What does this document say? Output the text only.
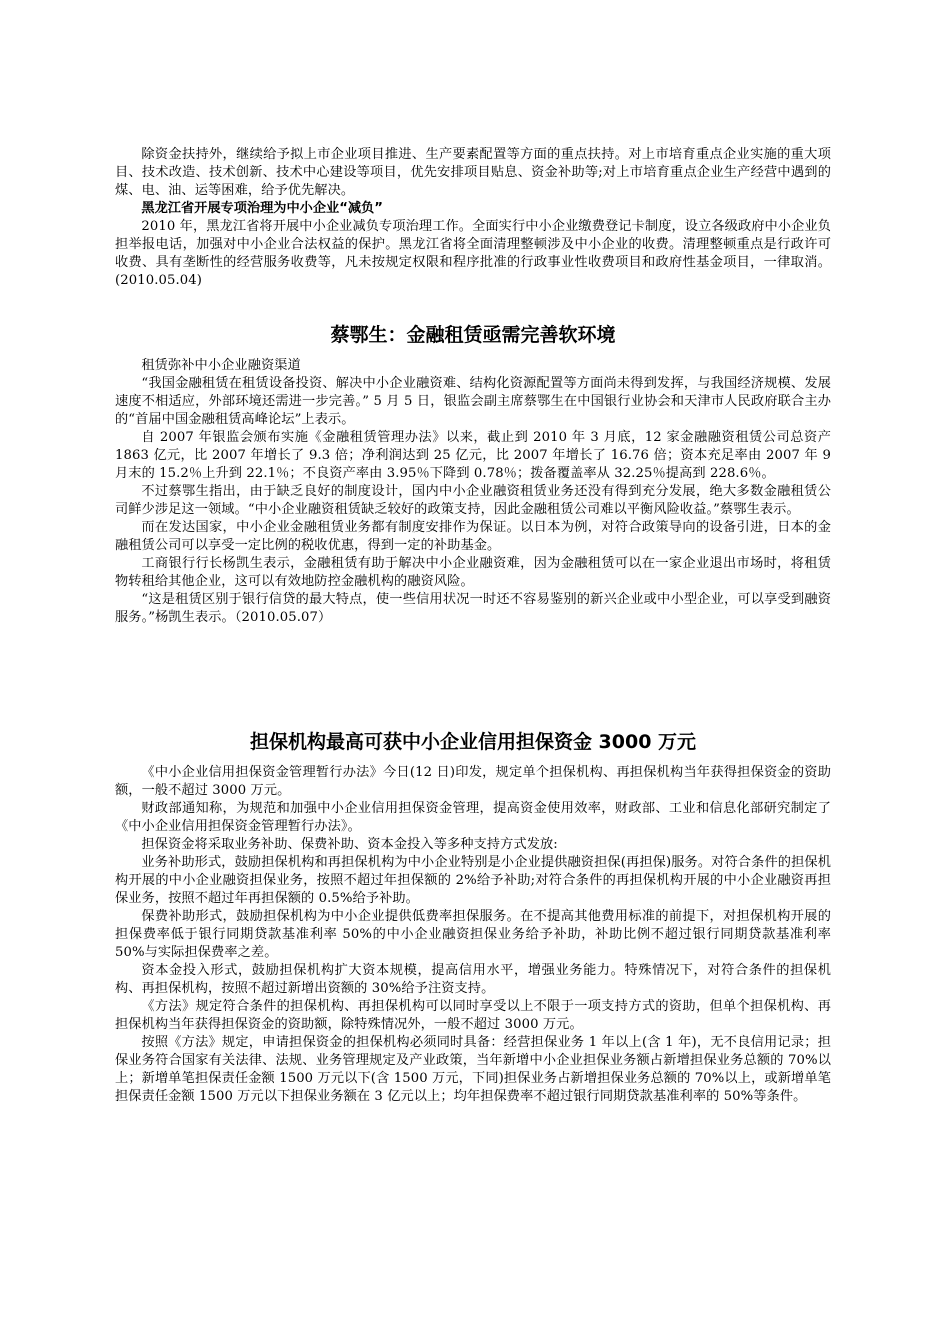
除资金扶持外，继续给予拟上市企业项目推进、生产要素配置等方面的重点扶持。对上市培育重点企业实施的重大项目、技术改造、技术创新、技术中心建设等项目，优先安排项目贴息、资金补助等;对上市培育重点企业生产经营中遇到的煤、电、油、运等困难，给予优先解决。

黑龙江省开展专项治理为中小企业“减负”

2010 年，黑龙江省将开展中小企业减负专项治理工作。全面实行中小企业缴费登记卡制度，设立各级政府中小企业负担举报电话，加强对中小企业合法权益的保护。黑龙江省将全面清理整顿涉及中小企业的收费。清理整顿重点是行政许可收费、具有垄断性的经营服务收费等，凡未按规定权限和程序批准的行政事业性收费项目和政府性基金项目，一律取消。(2010.05.04)

蔡鄂生：金融租赁亟需完善软环境

租赁弥补中小企业融资渠道

“我国金融租赁在租赁设备投资、解决中小企业融资难、结构化资源配置等方面尚未得到发挥，与我国经济规模、发展速度不相适应，外部环境还需进一步完善。” 5 月 5 日，银监会副主席蔡鄂生在中国银行业协会和天津市人民政府联合主办的“首届中国金融租赁高峰论坛”上表示。

自 2007 年银监会颁布实施《金融租赁管理办法》以来，截止到 2010 年 3 月底，12 家金融融资租赁公司总资产 1863 亿元，比 2007 年增长了 9.3 倍；净利润达到 25 亿元，比 2007 年增长了 16.76 倍；资本充足率由 2007 年 9 月末的 15.2％上升到 22.1％；不良资产率由 3.95％下降到 0.78％；拨备覆盖率从 32.25％提高到 228.6％。

不过蔡鄂生指出，由于缺乏良好的制度设计，国内中小企业融资租赁业务还没有得到充分发展，绝大多数金融租赁公司鲜少涉足这一领域。“中小企业融资租赁缺乏较好的政策支持，因此金融租赁公司难以平衡风险收益。”蔡鄂生表示。

而在发达国家，中小企业金融租赁业务都有制度安排作为保证。以日本为例，对符合政策导向的设备引进，日本的金融租赁公司可以享受一定比例的税收优惠，得到一定的补助基金。

工商银行行长杨凯生表示，金融租赁有助于解决中小企业融资难，因为金融租赁可以在一家企业退出市场时，将租赁物转租给其他企业，这可以有效地防控金融机构的融资风险。

“这是租赁区别于银行信贷的最大特点，使一些信用状况一时还不容易鉴别的新兴企业或中小型企业，可以享受到融资服务。”杨凯生表示。（2010.05.07）

担保机构最高可获中小企业信用担保资金 3000 万元

《中小企业信用担保资金管理暂行办法》今日(12 日)印发，规定单个担保机构、再担保机构当年获得担保资金的资助额，一般不超过 3000 万元。

财政部通知称，为规范和加强中小企业信用担保资金管理，提高资金使用效率，财政部、工业和信息化部研究制定了《中小企业信用担保资金管理暂行办法》。

担保资金将采取业务补助、保费补助、资本金投入等多种支持方式发放:

业务补助形式，鼓励担保机构和再担保机构为中小企业特别是小企业提供融资担保(再担保)服务。对符合条件的担保机构开展的中小企业融资担保业务，按照不超过年担保额的 2%给予补助;对符合条件的再担保机构开展的中小企业融资再担保业务，按照不超过年再担保额的 0.5%给予补助。

保费补助形式，鼓励担保机构为中小企业提供低费率担保服务。在不提高其他费用标准的前提下，对担保机构开展的担保费率低于银行同期贷款基准利率 50%的中小企业融资担保业务给予补助，补助比例不超过银行同期贷款基准利率 50%与实际担保费率之差。

资本金投入形式，鼓励担保机构扩大资本规模，提高信用水平，增强业务能力。特殊情况下，对符合条件的担保机构、再担保机构，按照不超过新增出资额的 30%给予注资支持。

《方法》规定符合条件的担保机构、再担保机构可以同时享受以上不限于一项支持方式的资助，但单个担保机构、再担保机构当年获得担保资金的资助额，除特殊情况外，一般不超过 3000 万元。

按照《方法》规定，申请担保资金的担保机构必须同时具备：经营担保业务 1 年以上(含 1 年)，无不良信用记录；担保业务符合国家有关法律、法规、业务管理规定及产业政策，当年新增中小企业担保业务额占新增担保业务总额的 70%以上；新增单笔担保责任金额 1500 万元以下(含 1500 万元，下同)担保业务占新增担保业务总额的 70%以上，或新增单笔担保责任金额 1500 万元以下担保业务额在 3 亿元以上；均年担保费率不超过银行同期贷款基准利率的 50%等条件。
